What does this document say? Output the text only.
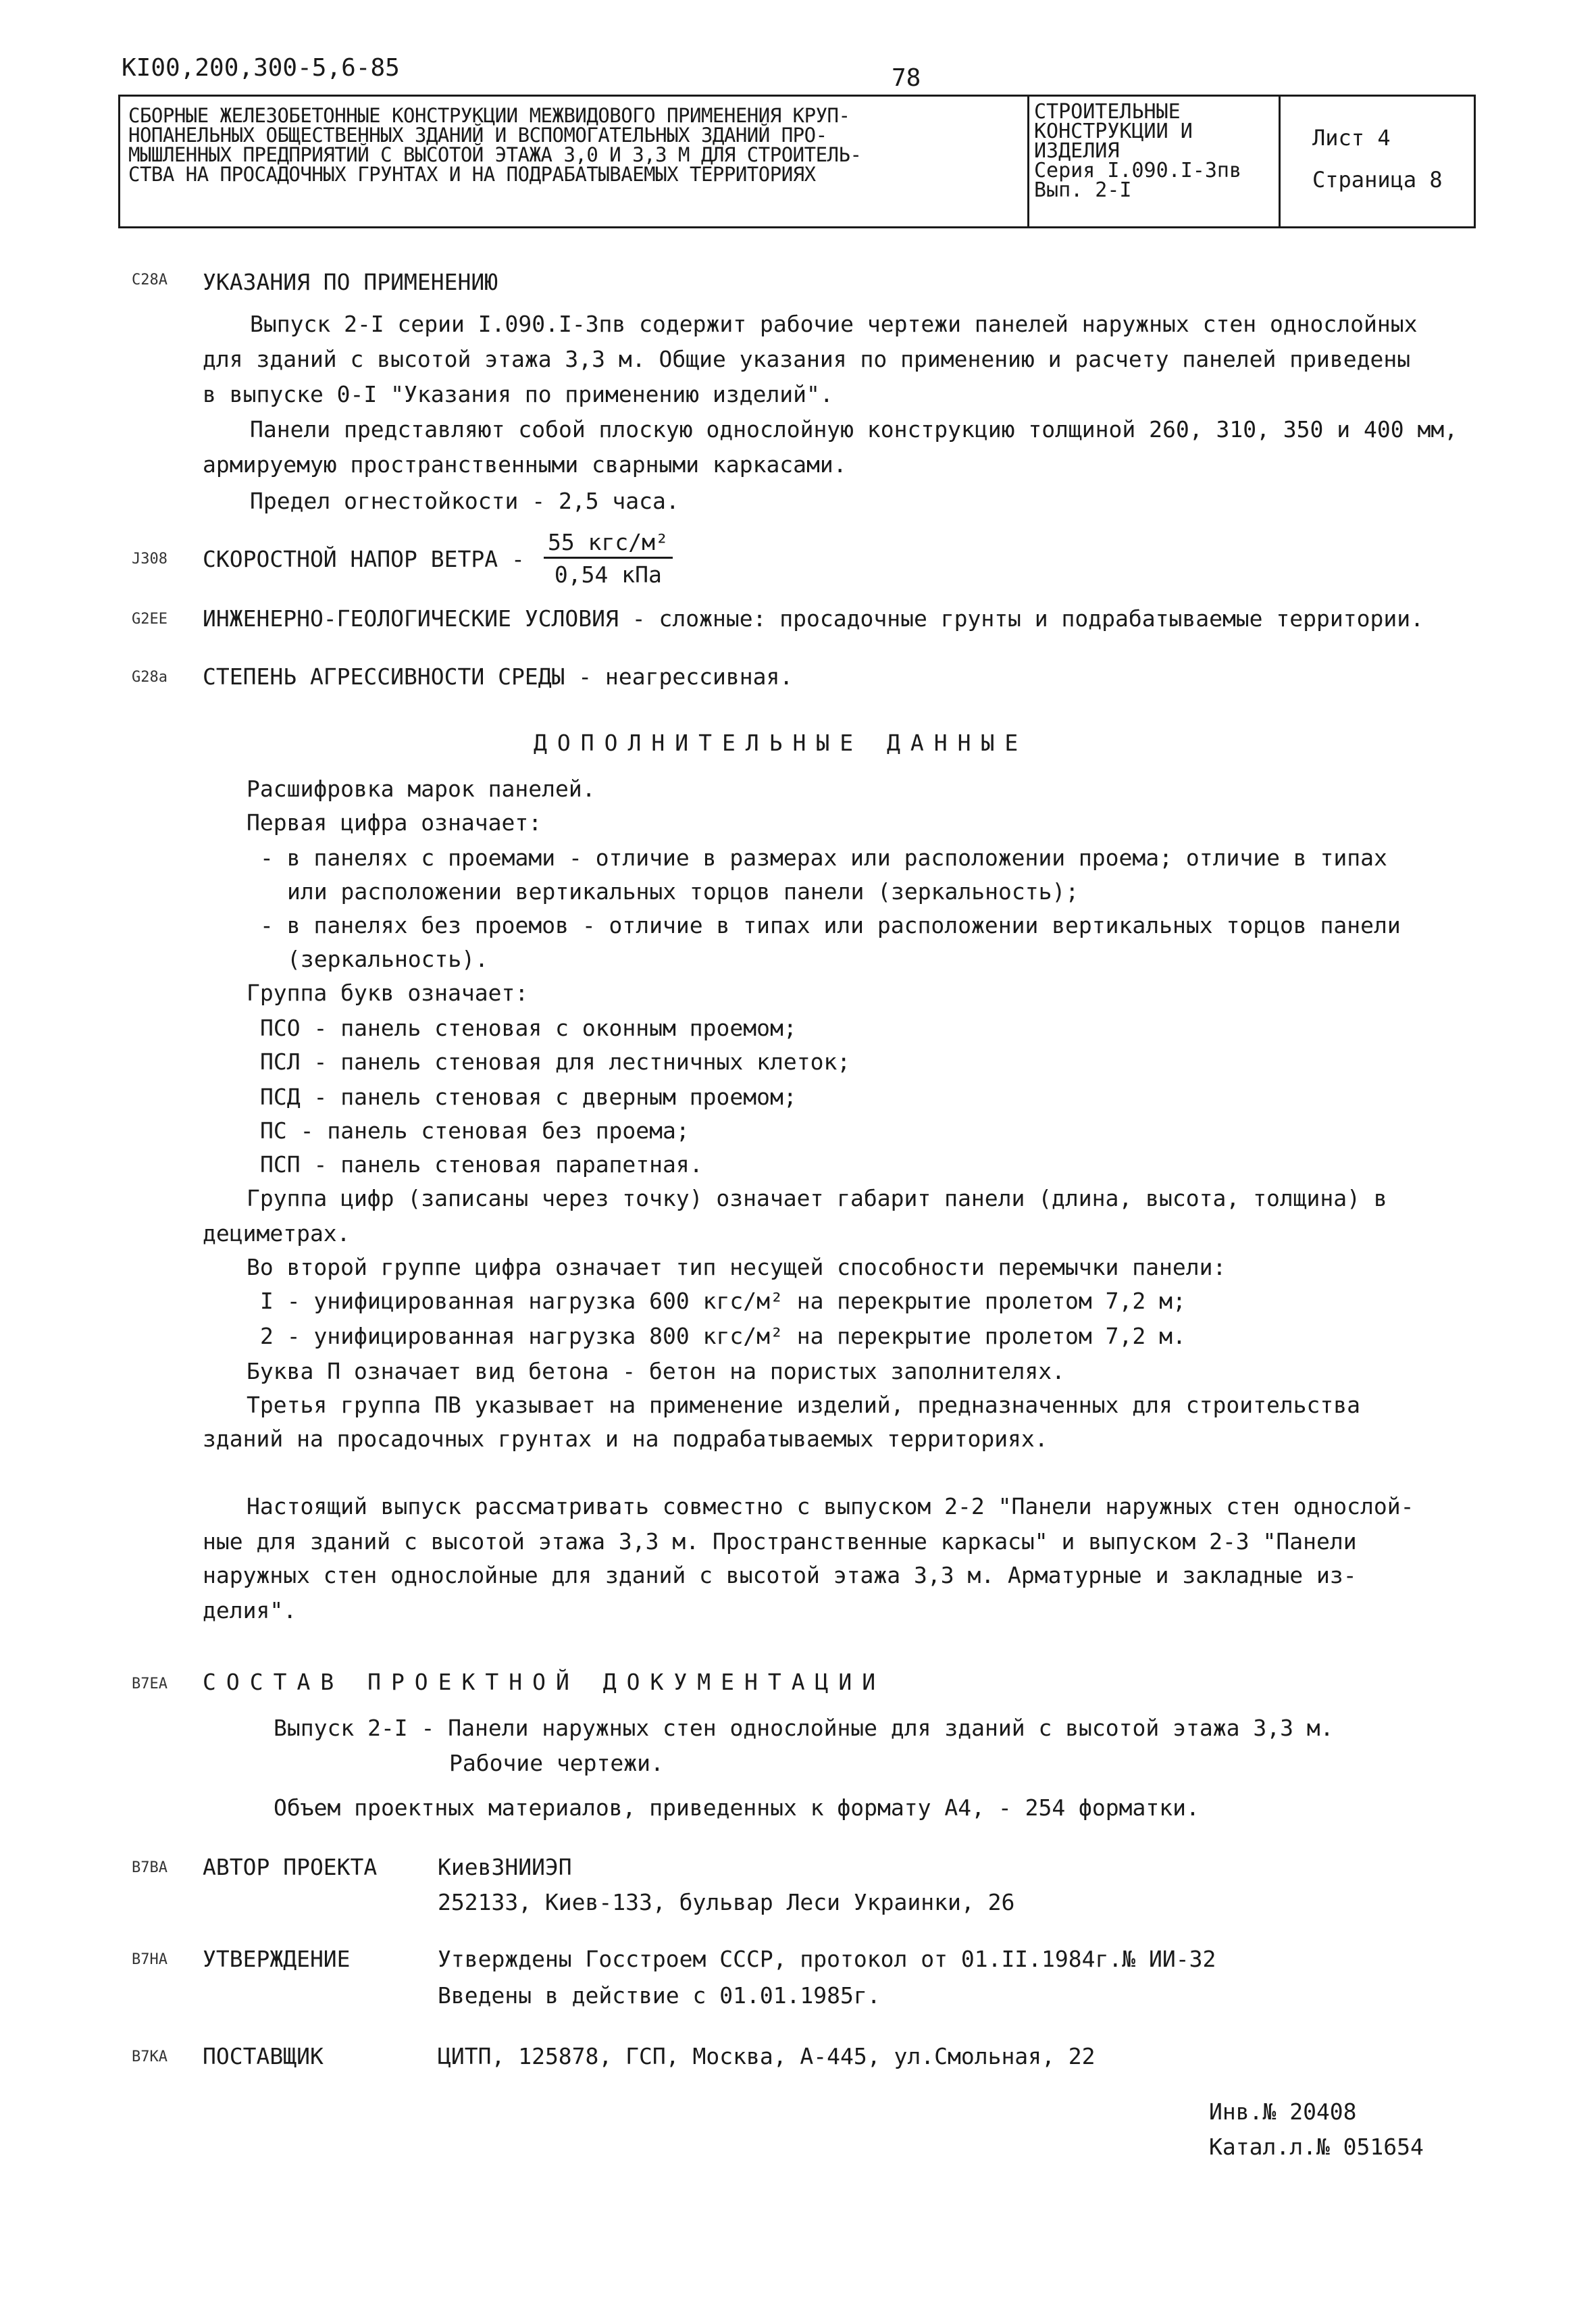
КI00,200,300-5,6-85	78
СБОРНЫЕ ЖЕЛЕЗОБЕТОННЫЕ КОНСТРУКЦИИ МЕЖВИДОВОГО ПРИМЕНЕНИЯ КРУП-
НОПАНЕЛЬНЫХ ОБЩЕСТВЕННЫХ ЗДАНИЙ И ВСПОМОГАТЕЛЬНЫХ ЗДАНИЙ ПРО-
МЫШЛЕННЫХ ПРЕДПРИЯТИЙ С ВЫСОТОЙ ЭТАЖА 3,0 И 3,3 М ДЛЯ СТРОИТЕЛЬ-
СТВА НА ПРОСАДОЧНЫХ ГРУНТАХ И НА ПОДРАБАТЫВАЕМЫХ ТЕРРИТОРИЯХ
СТРОИТЕЛЬНЫЕ
КОНСТРУКЦИИ И
ИЗДЕЛИЯ
Серия I.090.I-3пв
Вып. 2-I
Лист 4
Страница 8
С28А УКАЗАНИЯ ПО ПРИМЕНЕНИЮ
Выпуск 2-I серии I.090.I-3пв содержит рабочие чертежи панелей наружных стен однослойных
для зданий с высотой этажа 3,3 м. Общие указания по применению и расчету панелей приведены
в выпуске 0-I "Указания по применению изделий".
Панели представляют собой плоскую однослойную конструкцию толщиной 260, 310, 350 и 400 мм,
армируемую пространственными сварными каркасами.
Предел огнестойкости - 2,5 часа.
J308 СКОРОСТНОЙ НАПОР ВЕТРА -
55 кгс/м²
0,54 кПа
G2ЕЕ ИНЖЕНЕРНО-ГЕОЛОГИЧЕСКИЕ УСЛОВИЯ - сложные: просадочные грунты и подрабатываемые территории.
G28а СТЕПЕНЬ АГРЕССИВНОСТИ СРЕДЫ - неагрессивная.
ДОПОЛНИТЕЛЬНЫЕ ДАННЫЕ
Расшифровка марок панелей.
Первая цифра означает:
- в панелях с проемами - отличие в размерах или расположении проема; отличие в типах
или расположении вертикальных торцов панели (зеркальность);
- в панелях без проемов - отличие в типах или расположении вертикальных торцов панели
(зеркальность).
Группа букв означает:
ПСО - панель стеновая с оконным проемом;
ПСЛ - панель стеновая для лестничных клеток;
ПСД - панель стеновая с дверным проемом;
ПС - панель стеновая без проема;
ПСП - панель стеновая парапетная.
Группа цифр (записаны через точку) означает габарит панели (длина, высота, толщина) в
дециметрах.
Во второй группе цифра означает тип несущей способности перемычки панели:
I - унифицированная нагрузка 600 кгс/м² на перекрытие пролетом 7,2 м;
2 - унифицированная нагрузка 800 кгс/м² на перекрытие пролетом 7,2 м.
Буква П означает вид бетона - бетон на пористых заполнителях.
Третья группа ПВ указывает на применение изделий, предназначенных для строительства
зданий на просадочных грунтах и на подрабатываемых территориях.
Настоящий выпуск рассматривать совместно с выпуском 2-2 "Панели наружных стен однослой-
ные для зданий с высотой этажа 3,3 м. Пространственные каркасы" и выпуском 2-3 "Панели
наружных стен однослойные для зданий с высотой этажа 3,3 м. Арматурные и закладные из-
делия".
В7ЕА СОСТАВ ПРОЕКТНОЙ ДОКУМЕНТАЦИИ
Выпуск 2-I - Панели наружных стен однослойные для зданий с высотой этажа 3,3 м.
Рабочие чертежи.
Объем проектных материалов, приведенных к формату А4, - 254 форматки.
В7ВА АВТОР ПРОЕКТА	КиевЗНИИЭП
252133, Киев-133, бульвар Леси Украинки, 26
В7НА УТВЕРЖДЕНИЕ	Утверждены Госстроем СССР, протокол от 01.II.1984г.№ ИИ-32
Введены в действие с 01.01.1985г.
В7КА ПОСТАВЩИК	ЦИТП, 125878, ГСП, Москва, А-445, ул.Смольная, 22
Инв.№ 20408
Катал.л.№ 051654
